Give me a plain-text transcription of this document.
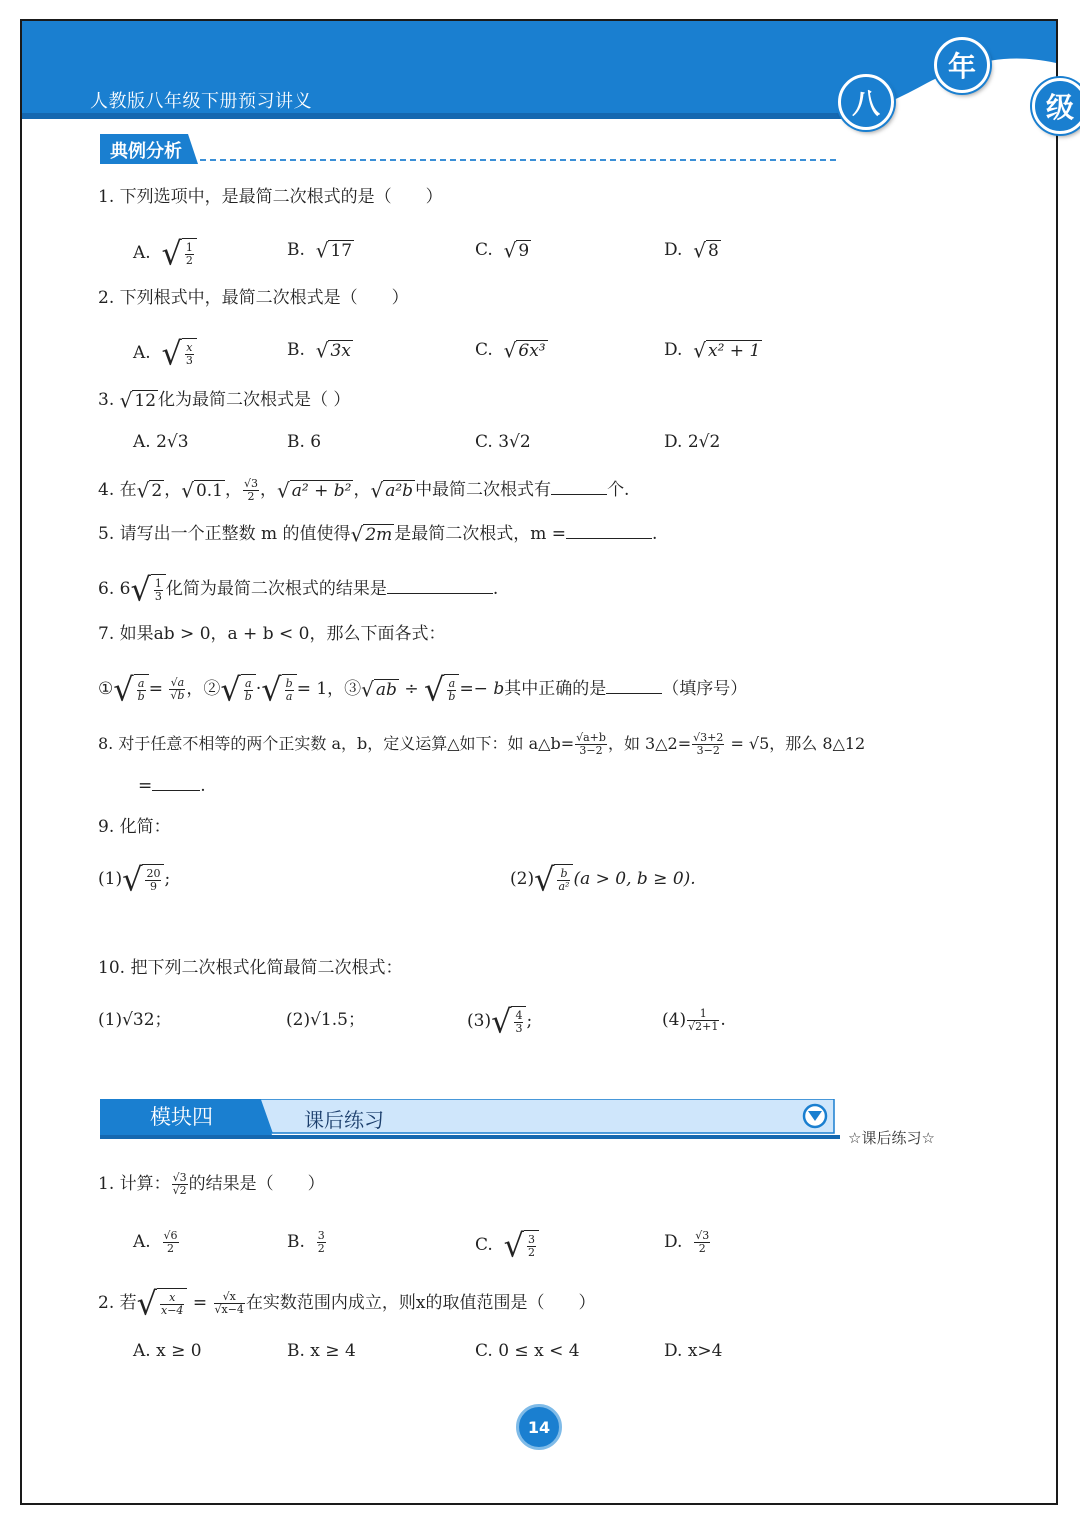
人教版八年级下册预习讲义	八
年
级
典例分析
1. 下列选项中，是最简二次根式的是（　　）
A. √ $\frac{1}{2}$	B. √ 17	C. √ 9	D. √ 8
2. 下列根式中，最简二次根式是（　　）
A. √ $\frac{x}{3}$	B. √ 3x	C. √ 6x³	D. √ x² + 1
3. √ 12 化为最简二次根式是（ ）
A. 2√3	B. 6	C. 3√2	D. 2√2
4. 在√ 2 ，√ 0.1 ， $\frac{√3}{2}$ ，√ a² + b² ，√ a²b 中最简二次根式有	个.
5. 请写出一个正整数 m 的值使得√ 2m 是最简二次根式，m =	.
6. $6√ \frac{1}{3}$ 化简为最简二次根式的结果是	.
7. 如果ab > 0，a + b < 0，那么下面各式：
①√ $\frac{a}{b} = \frac{√a}{√b}$ ，②√ $\frac{a}{b}$ ·√ $\frac{b}{a} = 1$，③√ ab ÷ √ $\frac{a}{b} =- b$其中正确的是	（填序号）
8. 对于任意不相等的两个正实数 a，b，定义运算△如下：如 a△b= $\frac{√a+b}{3-2}$ ，如 3△2= $\frac{√3+2}{3-2} = √5$，那么 8△12
=	.
9. 化简：
$(1)√ \frac{20}{9}$ ;	$(2)√ \frac{b}{\text{a²}} (a > 0$, b ≥ 0).
10. 把下列二次根式化简最简二次根式：
(1)√32；	(2)√1.5；	$(3)√ \frac{4}{3}$ ;	$(4) \frac{1}{√2+1}$ .
模块四	课后练习
☆课后练习☆
1. 计算： $\frac{√3}{√2}$ 的结果是（　　）
A. $\frac{√6}{2}$	B. $\frac{3}{2}$	C. √ $\frac{3}{2}$	D. $\frac{√3}{2}$
2. 若√ $\frac{x}{x-4} = \frac{√x}{√x-4}$ 在实数范围内成立，则x的取值范围是（　　）
A. x ≥ 0	B. x ≥ 4	C. 0 ≤ x < 4	D. x>4
14
